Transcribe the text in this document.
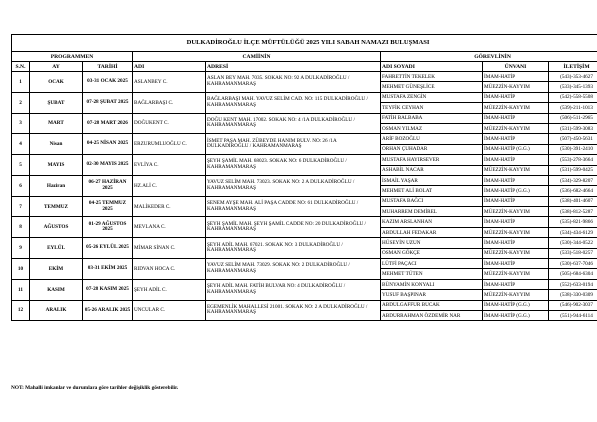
DULKADİROĞLU İLÇE MÜFTÜLÜĞÜ 2025 YILI SABAH NAMAZI BULUŞMASI							
PROGRAMMEN			CAMİİNİN		GÖREVLİNİN		
S.N.	AY	TARİHİ	ADI	ADRESİ	ADI SOYADI	ÜNVANI	İLETİŞİM
1	OCAK	03-31 OCAK 2025	ASLANBEY C.	ASLAN BEY MAH. 7035. SOKAK NO: 92 A DULKADİROĞLU / KAHRAMANMARAŞ	FAHRETTİN TEKELEK	İMAM-HATİP	(543)-353-4627
					MEHMET GÜNEŞLİCE	MÜEZZİN-KAYYIM	(533)-345-1393
2	ŞUBAT	07-28 ŞUBAT 2025	BAĞLARBAŞI C.	BAĞLARBAŞI MAH. YAVUZ SELİM CAD. NO: 115 DULKADİROĞLU / KAHRAMANMARAŞ	MUSTAFA ZENGİN	İMAM-HATİP	(542)-558-5508
					TEYFİK CEYHAN	MÜEZZİN-KAYYIM	(539)-211-1013
3	MART	07-28 MART 2026	DOĞUKENT C.	DOĞU KENT MAH. 17002. SOKAK NO: 4 /1A DULKADİROĞLU / KAHRAMANMARAŞ	FATİH BALBABA	İMAM-HATİP	(506)-511-2965
					OSMAN YILMAZ	MÜEZZİN-KAYYIM	(531)-599-3083
4	Nisan	04-25 NİSAN 2025	ERZURUMLUOĞLU C.	İSMET PAŞA MAH. ZÜBEYDE HANIM BULV. NO: 26 /1A DULKADİROĞLU / KAHRAMANMARAŞ	ARİF BOZOĞLU	İMAM-HATİP	(507)-450-5631
					ORHAN ÇUHADAR	İMAM-HATİP (G.G.)	(530)-391-2410
5	MAYIS	02-30 MAYIS 2025	EVLİYA C.	ŞEYH ŞAMİL MAH. 68023. SOKAK NO: 6 DULKADİROĞLU / KAHRAMANMARAŞ	MUSTAFA HAYIRSEVER	İMAM-HATİP	(553)-278-3664
					ASHABİL NACAR	MÜEZZİN-KAYYIM	(531)-599-0425
6	Haziran	06-27 HAZİRAN 2025	HZ.ALİ C.	YAVUZ SELİM MAH. 73023. SOKAK NO: 2 A DULKADİROĞLU / KAHRAMANMARAŞ	İSMAİL YAŞAR	İMAM-HATİP	(534)-329-8207
					MEHMET ALİ BOLAT	İMAM-HATİP (G.G.)	(536)-682-4664
7	TEMMUZ	04-25 TEMMUZ 2025	MALİKEDER C.	SENEM AYŞE MAH. ALİ PAŞA CADDE NO: 61 DULKADİROĞLU / KAHRAMANMARAŞ	MUSTAFA BAĞCI	İMAM-HATİP	(538)-401-4607
					MUHARREM DEMİREL	MÜEZZİN-KAYYIM	(538)-812-5287
8	AĞUSTOS	01-29 AĞUSTOS 2025	MEVLANA C.	ŞEYH ŞAMİL MAH. ŞEYH ŞAMİL CADDE NO: 20 DULKADİROĞLU / KAHRAMANMARAŞ	KAZIM ARSLANHAN	İMAM-HATİP	(535)-821-9866
					ABDULLAH FEDAKAR	MÜEZZİN-KAYYIM	(534)-434-6129
9	EYLÜL	05-26 EYLÜL 2025	MİMAR SİNAN C.	ŞEYH ADİL MAH. 67021. SOKAK NO: 3 DULKADİROĞLU / KAHRAMANMARAŞ	HÜSEYİN UZUN	İMAM-HATİP	(530)-344-0522
					OSMAN GÖKÇE	MÜEZZİN-KAYYIM	(533)-518-0257
10	EKİM	03-31 EKİM 2025	RIDVAN HOCA C.	YAVUZ SELİM MAH. 73029. SOKAK NO: 2 DULKADİROĞLU / KAHRAMANMARAŞ	LÜTFİ PAÇACI	İMAM-HATİP	(530)-637-7046
					MEHMET TÜTEN	MÜEZZİN-KAYYIM	(505)-684-6304
11	KASIM	07-28 KASIM 2025	ŞEYH ADİL C.	ŞEYH ADİL MAH. FATİH BULVAR NO: 4 DULKADİROĞLU / KAHRAMANMARAŞ	BÜNYAMİN KONYALI	İMAM-HATİP	(552)-633-0194
					YUSUF BAŞPINAR	MÜEZZİN-KAYYIM	(538)-330-0309
12	ARALIK	05-26 ARALIK 2025	UNCULAR C.	EGEMENLİK MAHALLESİ 21001. SOKAK NO: 2 A DULKADİROĞLU / KAHRAMANMARAŞ	ABDULGAFFUR BUCAK	İMAM-HATİP (G.G.)	(546)-902-3037
					ABDURRAHMAN ÖZDEMİR NAR	İMAM-HATİP (G.G.)	(551)-944-6114
NOT: Mahalli imkanlar ve durumlara göre tarihler değişiklik gösterebilir.
